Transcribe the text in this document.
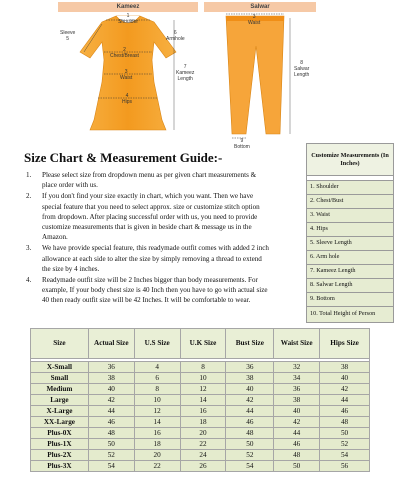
Kameez	Salwar
1
Shoulder
Sleeve
5
6
Armhole
2
Chest/Breast
3
Waist
4
Hips
7
Kameez
Length
3
Waist
8
Salwar
Length
9
Bottom
Size Chart & Measurement Guide:-
1. Please select size from dropdown menu as per given chart measurements & place order with us.
2. If you don't find your size exactly in chart, which you want. Then we have special feature that you need to select approx. size or customize stitch option from dropdown. After placing successful order with us, you need to provide customize measurements that is given in beside chart & message us in the Amazon.
3. We have provide special feature, this readymade outfit comes with added 2 inch allowance at each side to alter the size by simply removing a thread to extend the size by 4 inches.
4. Readymade outfit size will be 2 Inches bigger than body measurements. For example, If your body chest size is 40 Inch then you have to go with actual size 40 then ready outfit size will be 42 Inches. It will be comfortable to wear.
Customize Measurements (In Inches)

1. Shoulder
2. Chest/Bust
3. Waist
4. Hips
5. Sleeve Length
6. Arm hole
7. Kameez Length
8. Salwar Length
9. Bottom
10. Total Height of Person
Size	Actual Size	U.S Size	U.K Size	Bust Size	Waist Size	Hips Size

X-Small	36	4	8	36	32	38
Small	38	6	10	38	34	40
Medium	40	8	12	40	36	42
Large	42	10	14	42	38	44
X-Large	44	12	16	44	40	46
XX-Large	46	14	18	46	42	48
Plus-0X	48	16	20	48	44	50
Plus-1X	50	18	22	50	46	52
Plus-2X	52	20	24	52	48	54
Plus-3X	54	22	26	54	50	56
